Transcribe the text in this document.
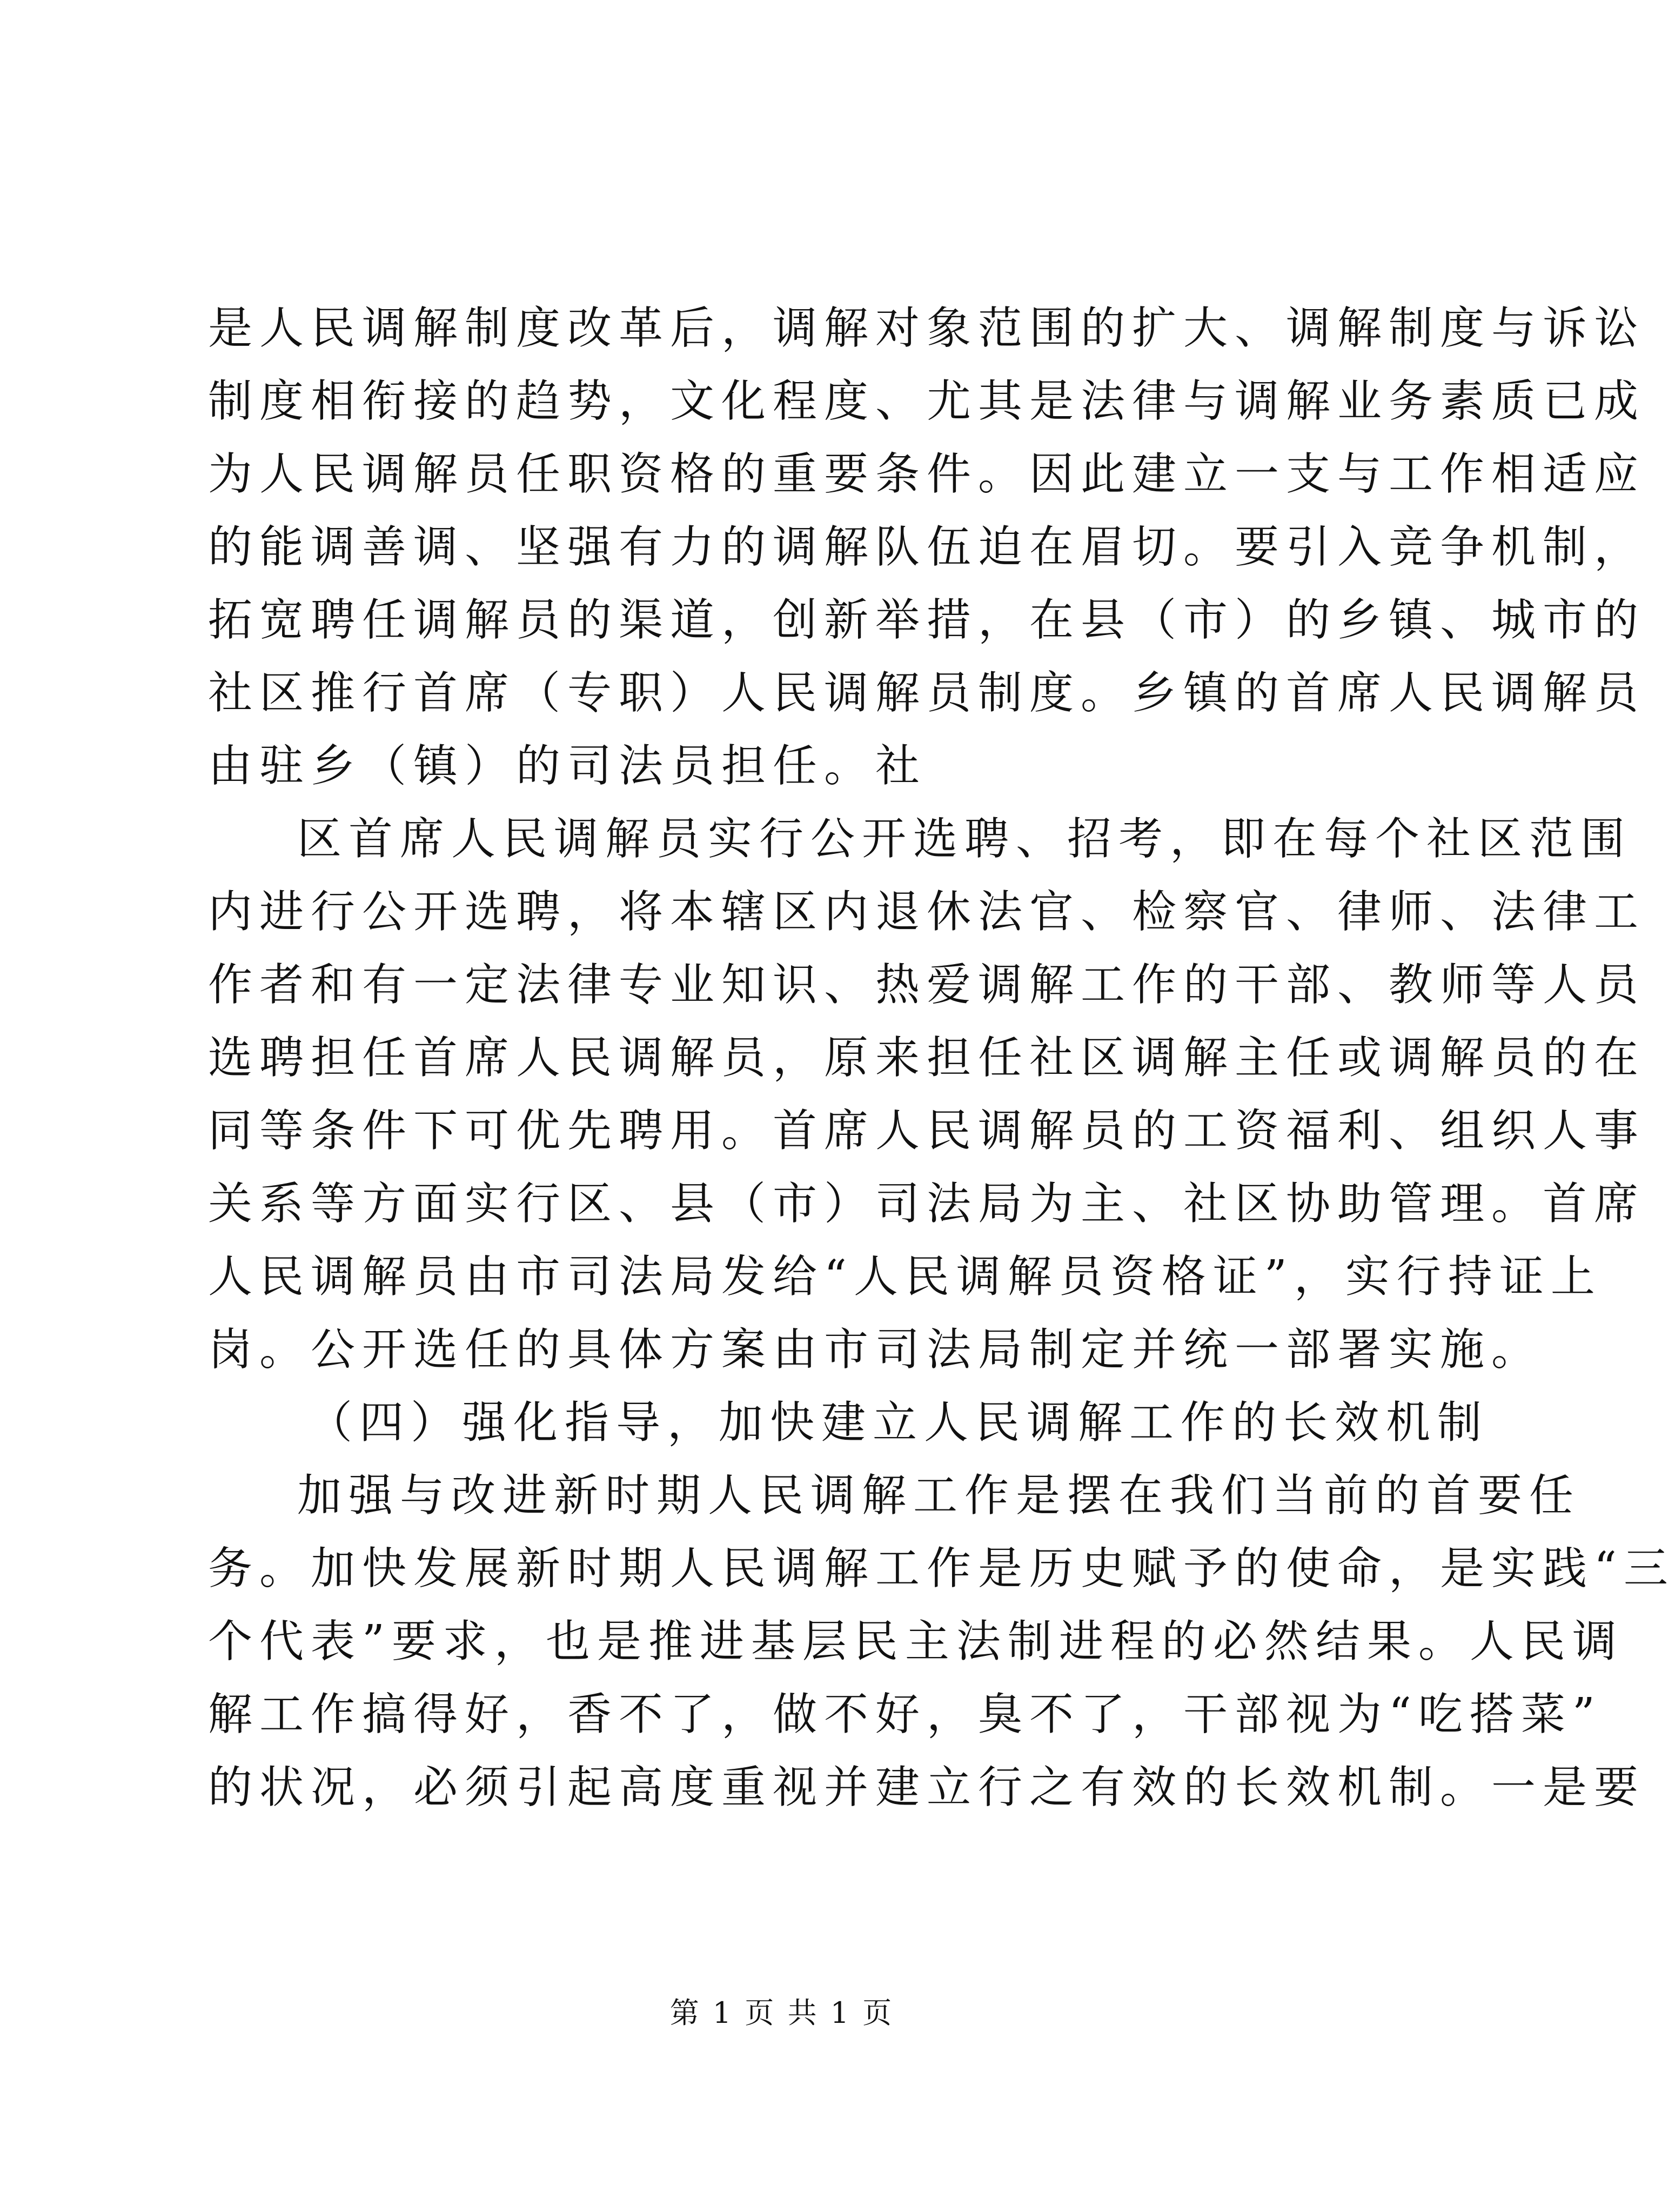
是人民调解制度改革后，调解对象范围的扩大、调解制度与诉讼
制度相衔接的趋势，文化程度、尤其是法律与调解业务素质已成
为人民调解员任职资格的重要条件。因此建立一支与工作相适应
的能调善调、坚强有力的调解队伍迫在眉切。要引入竞争机制，
拓宽聘任调解员的渠道，创新举措，在县（市）的乡镇、城市的
社区推行首席（专职）人民调解员制度。乡镇的首席人民调解员
由驻乡（镇）的司法员担任。社
区首席人民调解员实行公开选聘、招考，即在每个社区范围
内进行公开选聘，将本辖区内退休法官、检察官、律师、法律工
作者和有一定法律专业知识、热爱调解工作的干部、教师等人员
选聘担任首席人民调解员，原来担任社区调解主任或调解员的在
同等条件下可优先聘用。首席人民调解员的工资福利、组织人事
关系等方面实行区、县（市）司法局为主、社区协助管理。首席
人民调解员由市司法局发给“人民调解员资格证”，实行持证上
岗。公开选任的具体方案由市司法局制定并统一部署实施。
（四）强化指导，加快建立人民调解工作的长效机制
加强与改进新时期人民调解工作是摆在我们当前的首要任
务。加快发展新时期人民调解工作是历史赋予的使命，是实践“三
个代表”要求，也是推进基层民主法制进程的必然结果。人民调
解工作搞得好，香不了，做不好，臭不了，干部视为“吃搭菜”
的状况，必须引起高度重视并建立行之有效的长效机制。一是要
第 1 页 共 1 页
